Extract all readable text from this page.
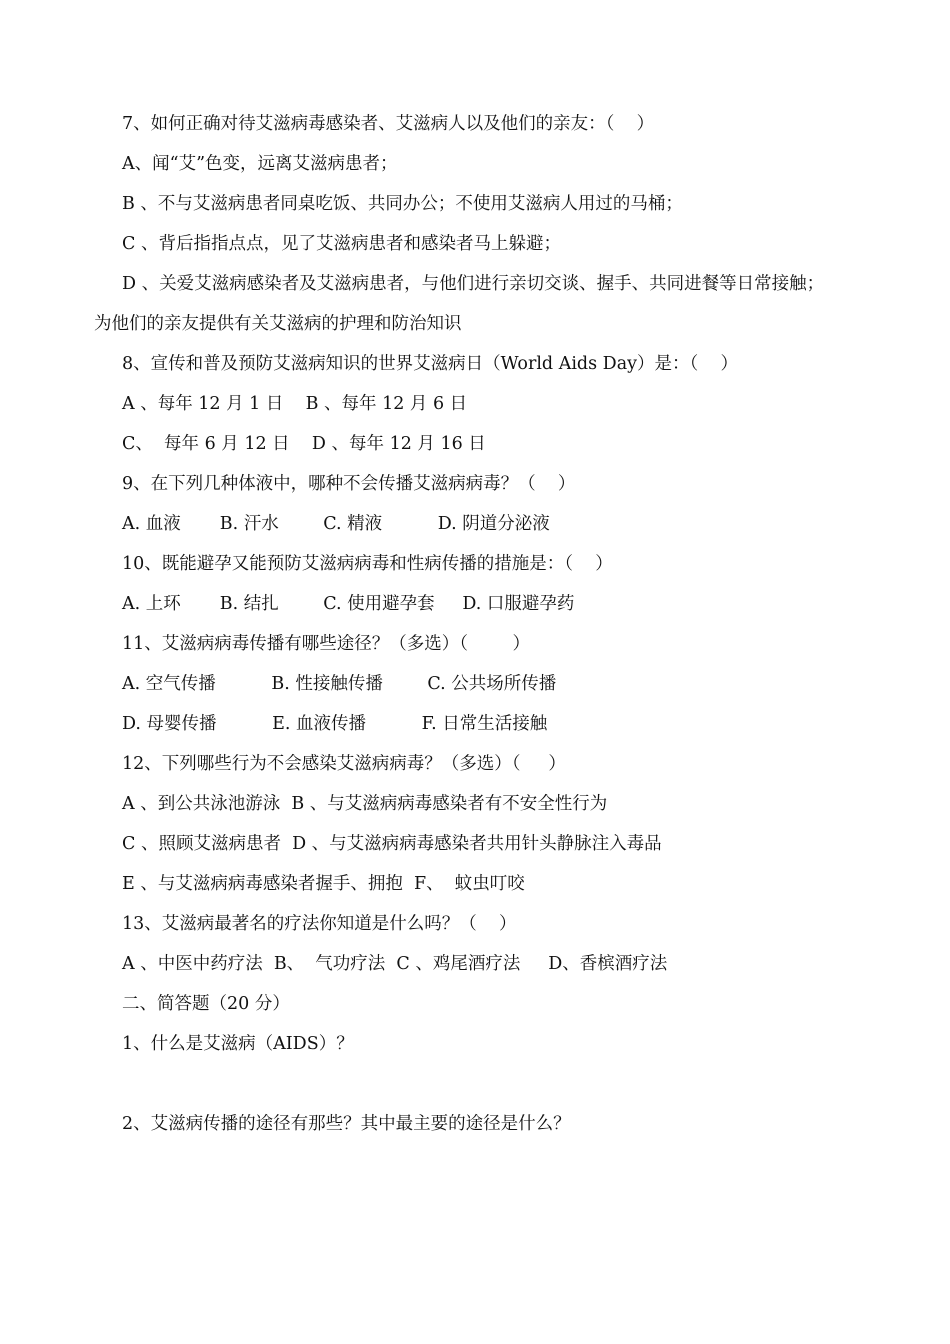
7、如何正确对待艾滋病毒感染者、艾滋病人以及他们的亲友：（    ）
A、闻“艾”色变，远离艾滋病患者；
B 、不与艾滋病患者同桌吃饭、共同办公；不使用艾滋病人用过的马桶；
C 、背后指指点点，见了艾滋病患者和感染者马上躲避；
D 、关爱艾滋病感染者及艾滋病患者，与他们进行亲切交谈、握手、共同进餐等日常接触；
为他们的亲友提供有关艾滋病的护理和防治知识
8、宣传和普及预防艾滋病知识的世界艾滋病日（World Aids Day）是：（    ）
A 、每年 12 月 1 日    B 、每年 12 月 6 日
C、  每年 6 月 12 日    D 、每年 12 月 16 日
9、在下列几种体液中，哪种不会传播艾滋病病毒？（    ）
A. 血液       B. 汗水        C. 精液          D. 阴道分泌液
10、既能避孕又能预防艾滋病病毒和性病传播的措施是：（    ）
A. 上环       B. 结扎        C. 使用避孕套     D. 口服避孕药
11、艾滋病病毒传播有哪些途径？（多选）（        ）
A. 空气传播          B. 性接触传播        C. 公共场所传播
D. 母婴传播          E. 血液传播          F. 日常生活接触
12、下列哪些行为不会感染艾滋病病毒？（多选）（     ）
A 、到公共泳池游泳  B 、与艾滋病病毒感染者有不安全性行为
C 、照顾艾滋病患者  D 、与艾滋病病毒感染者共用针头静脉注入毒品
E 、与艾滋病病毒感染者握手、拥抱  F、  蚊虫叮咬
13、艾滋病最著名的疗法你知道是什么吗？（    ）
A 、中医中药疗法  B、  气功疗法  C 、鸡尾酒疗法     D、香槟酒疗法
二、简答题（20 分）
1、什么是艾滋病（AIDS）？
2、艾滋病传播的途径有那些？其中最主要的途径是什么？
